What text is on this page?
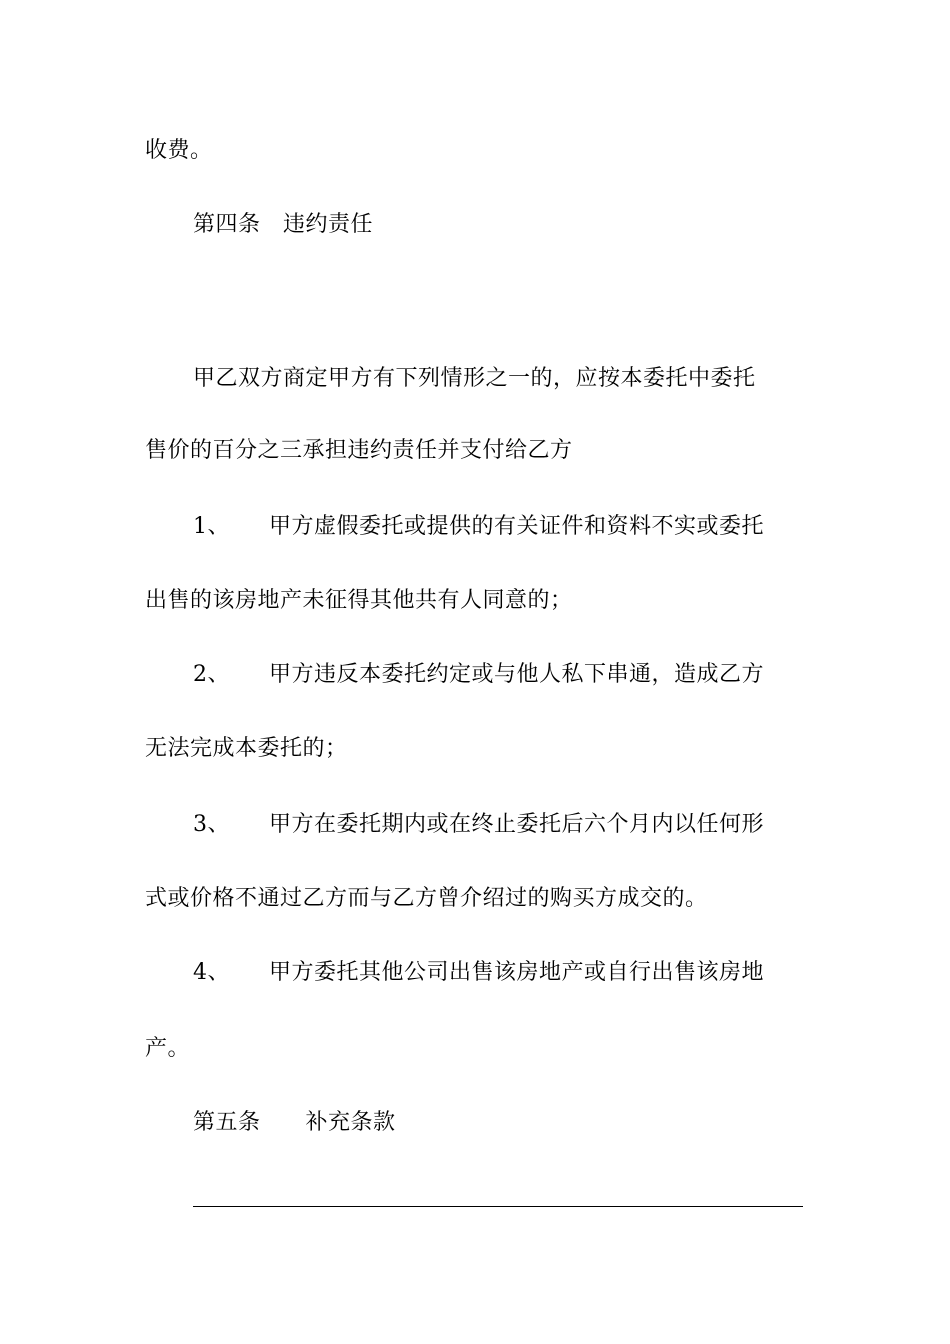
收费。
第四条　违约责任
甲乙双方商定甲方有下列情形之一的，应按本委托中委托
售价的百分之三承担违约责任并支付给乙方
1、 甲方虚假委托或提供的有关证件和资料不实或委托
出售的该房地产未征得其他共有人同意的；
2、 甲方违反本委托约定或与他人私下串通，造成乙方
无法完成本委托的；
3、 甲方在委托期内或在终止委托后六个月内以任何形
式或价格不通过乙方而与乙方曾介绍过的购买方成交的。
4、 甲方委托其他公司出售该房地产或自行出售该房地
产。
第五条　　补充条款
